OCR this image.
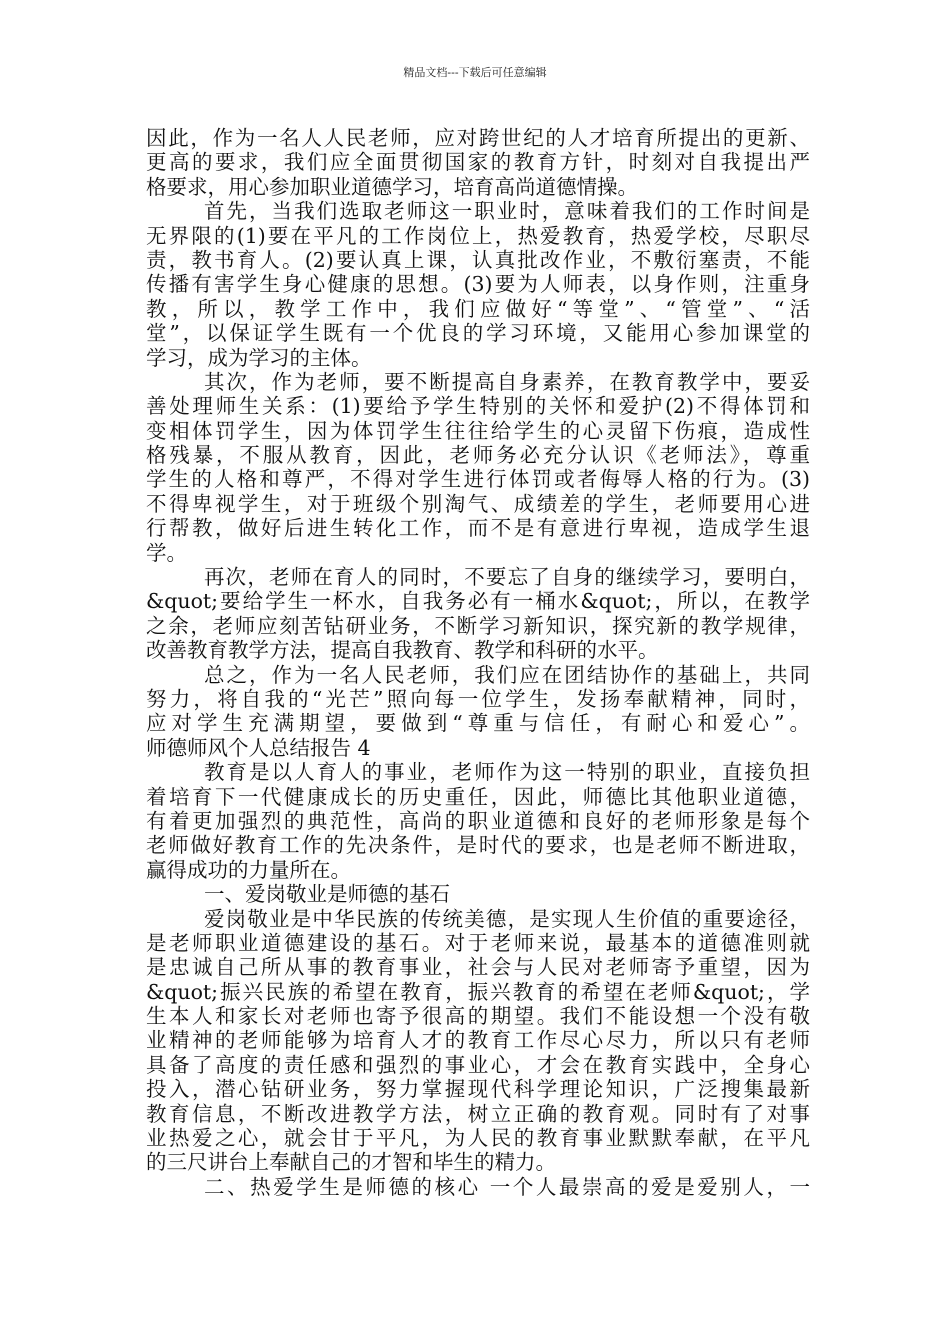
精品文档---下载后可任意编辑
因此，作为一名人人民老师，应对跨世纪的人才培育所提出的更新、
更高的要求，我们应全面贯彻国家的教育方针，时刻对自我提出严
格要求，用心参加职业道德学习，培育高尚道德情操。
首先，当我们选取老师这一职业时，意味着我们的工作时间是
无界限的(1)要在平凡的工作岗位上，热爱教育，热爱学校，尽职尽
责，教书育人。(2)要认真上课，认真批改作业，不敷衍塞责，不能
传播有害学生身心健康的思想。(3)要为人师表，以身作则，注重身
教，所以，教学工作中，我们应做好“等堂”、“管堂”、“活
堂”，以保证学生既有一个优良的学习环境，又能用心参加课堂的
学习，成为学习的主体。
其次，作为老师，要不断提高自身素养，在教育教学中，要妥
善处理师生关系：(1)要给予学生特别的关怀和爱护(2)不得体罚和
变相体罚学生，因为体罚学生往往给学生的心灵留下伤痕，造成性
格残暴，不服从教育，因此，老师务必充分认识《老师法》，尊重
学生的人格和尊严，不得对学生进行体罚或者侮辱人格的行为。(3)
不得卑视学生，对于班级个别淘气、成绩差的学生，老师要用心进
行帮教，做好后进生转化工作，而不是有意进行卑视，造成学生退
学。
再次，老师在育人的同时，不要忘了自身的继续学习，要明白，
&quot;要给学生一杯水，自我务必有一桶水&quot;，所以，在教学
之余，老师应刻苦钻研业务，不断学习新知识，探究新的教学规律，
改善教育教学方法，提高自我教育、教学和科研的水平。
总之，作为一名人民老师，我们应在团结协作的基础上，共同
努力，将自我的“光芒”照向每一位学生，发扬奉献精神，同时，
应对学生充满期望，要做到“尊重与信任，有耐心和爱心”。
师德师风个人总结报告 4
教育是以人育人的事业，老师作为这一特别的职业，直接负担
着培育下一代健康成长的历史重任，因此，师德比其他职业道德，
有着更加强烈的典范性，高尚的职业道德和良好的老师形象是每个
老师做好教育工作的先决条件，是时代的要求，也是老师不断进取，
赢得成功的力量所在。
一、爱岗敬业是师德的基石
爱岗敬业是中华民族的传统美德，是实现人生价值的重要途径，
是老师职业道德建设的基石。对于老师来说，最基本的道德准则就
是忠诚自己所从事的教育事业，社会与人民对老师寄予重望，因为
&quot;振兴民族的希望在教育，振兴教育的希望在老师&quot;，学
生本人和家长对老师也寄予很高的期望。我们不能设想一个没有敬
业精神的老师能够为培育人才的教育工作尽心尽力，所以只有老师
具备了高度的责任感和强烈的事业心，才会在教育实践中，全身心
投入，潜心钻研业务，努力掌握现代科学理论知识，广泛搜集最新
教育信息，不断改进教学方法，树立正确的教育观。同时有了对事
业热爱之心，就会甘于平凡，为人民的教育事业默默奉献，在平凡
的三尺讲台上奉献自己的才智和毕生的精力。
二、热爱学生是师德的核心 一个人最崇高的爱是爱别人，一
